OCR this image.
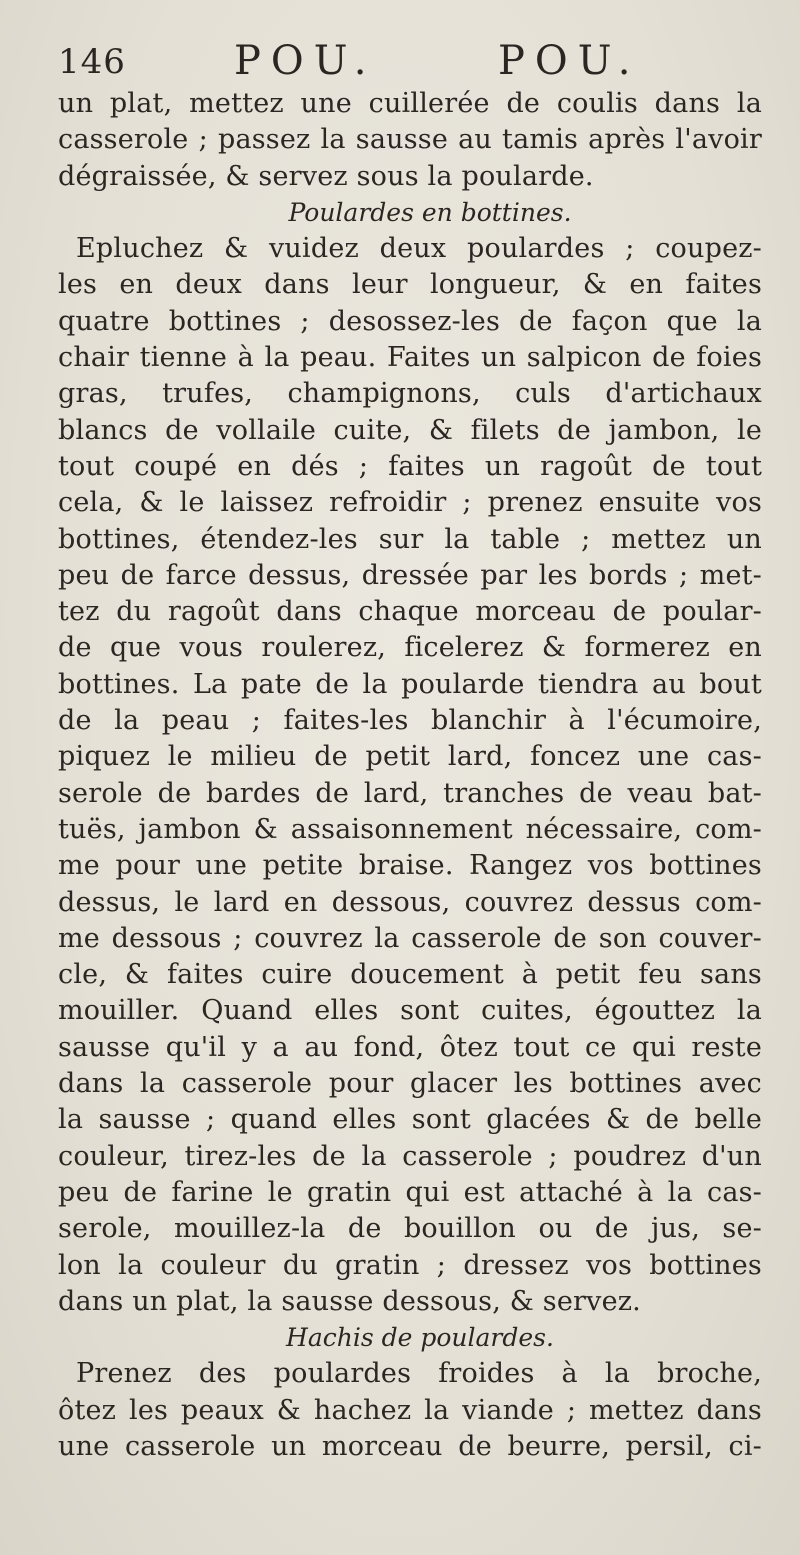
146	POU.	POU.
un plat, mettez une cuillerée de coulis dans la
casserole ; passez la sausse au tamis après l'avoir
dégraissée, & servez sous la poularde.
Poulardes en bottines.
Epluchez & vuidez deux poulardes ; coupez-
les en deux dans leur longueur, & en faites
quatre bottines ; desossez-les de façon que la
chair tienne à la peau. Faites un salpicon de foies
gras, trufes, champignons, culs d'artichaux
blancs de vollaile cuite, & filets de jambon, le
tout coupé en dés ; faites un ragoût de tout
cela, & le laissez refroidir ; prenez ensuite vos
bottines, étendez-les sur la table ; mettez un
peu de farce dessus, dressée par les bords ; met-
tez du ragoût dans chaque morceau de poular-
de que vous roulerez, ficelerez & formerez en
bottines. La pate de la poularde tiendra au bout
de la peau ; faites-les blanchir à l'écumoire,
piquez le milieu de petit lard, foncez une cas-
serole de bardes de lard, tranches de veau bat-
tuës, jambon & assaisonnement nécessaire, com-
me pour une petite braise. Rangez vos bottines
dessus, le lard en dessous, couvrez dessus com-
me dessous ; couvrez la casserole de son couver-
cle, & faites cuire doucement à petit feu sans
mouiller. Quand elles sont cuites, égouttez la
sausse qu'il y a au fond, ôtez tout ce qui reste
dans la casserole pour glacer les bottines avec
la sausse ; quand elles sont glacées & de belle
couleur, tirez-les de la casserole ; poudrez d'un
peu de farine le gratin qui est attaché à la cas-
serole, mouillez-la de bouillon ou de jus, se-
lon la couleur du gratin ; dressez vos bottines
dans un plat, la sausse dessous, & servez.
Hachis de poulardes.
Prenez des poulardes froides à la broche,
ôtez les peaux & hachez la viande ; mettez dans
une casserole un morceau de beurre, persil, ci-
